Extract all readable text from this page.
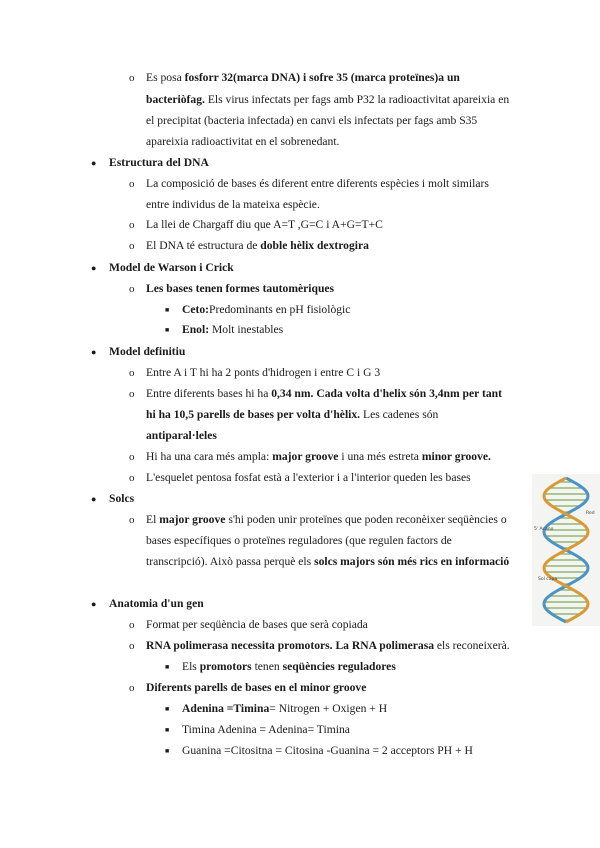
o Es posa fosforr 32(marca DNA) i sofre 35 (marca proteïnes)a un
bacteriòfag. Els virus infectats per fags amb P32 la radioactivitat apareixia en
el precipitat (bacteria infectada) en canvi els infectats per fags amb S35
apareixia radioactivitat en el sobrenedant.
● Estructura del DNA
o La composició de bases és diferent entre diferents espècies i molt similars
entre individus de la mateixa espècie.
o La llei de Chargaff diu que A=T ,G=C i A+G=T+C
o El DNA té estructura de doble hèlix dextrogira
● Model de Warson i Crick
o Les bases tenen formes tautomèriques
■ Ceto:Predominants en pH fisiològic
■ Enol: Molt inestables
● Model definitiu
o Entre A i T hi ha 2 ponts d'hidrogen i entre C i G 3
o Entre diferents bases hi ha 0,34 nm. Cada volta d'helix són 3,4nm per tant
hi ha 10,5 parells de bases per volta d'hèlix. Les cadenes són
antiparal·leles
o Hi ha una cara més ampla: major groove i una més estreta minor groove.
o L'esquelet pentosa fosfat està a l'exterior i a l'interior queden les bases
● Solcs
o El major groove s'hi poden unir proteïnes que poden reconèixer seqüències o
bases específiques o proteïnes reguladores (que regulen factors de
transcripció). Això passa perquè els solcs majors són més rics en informació
● Anatomia d'un gen
o Format per seqüència de bases que serà copiada
o RNA polimerasa necessita promotors. La RNA polimerasa els reconeixerà.
■ Els promotors tenen seqüències reguladores
o Diferents parells de bases en el minor groove
■ Adenina =Timina= Nitrogen + Oxigen + H
■ Timina Adenina = Adenina= Timina
■ Guanina =Citositna = Citosina -Guanina = 2 acceptors PH + H
5' Acano
Red
Sol capa
